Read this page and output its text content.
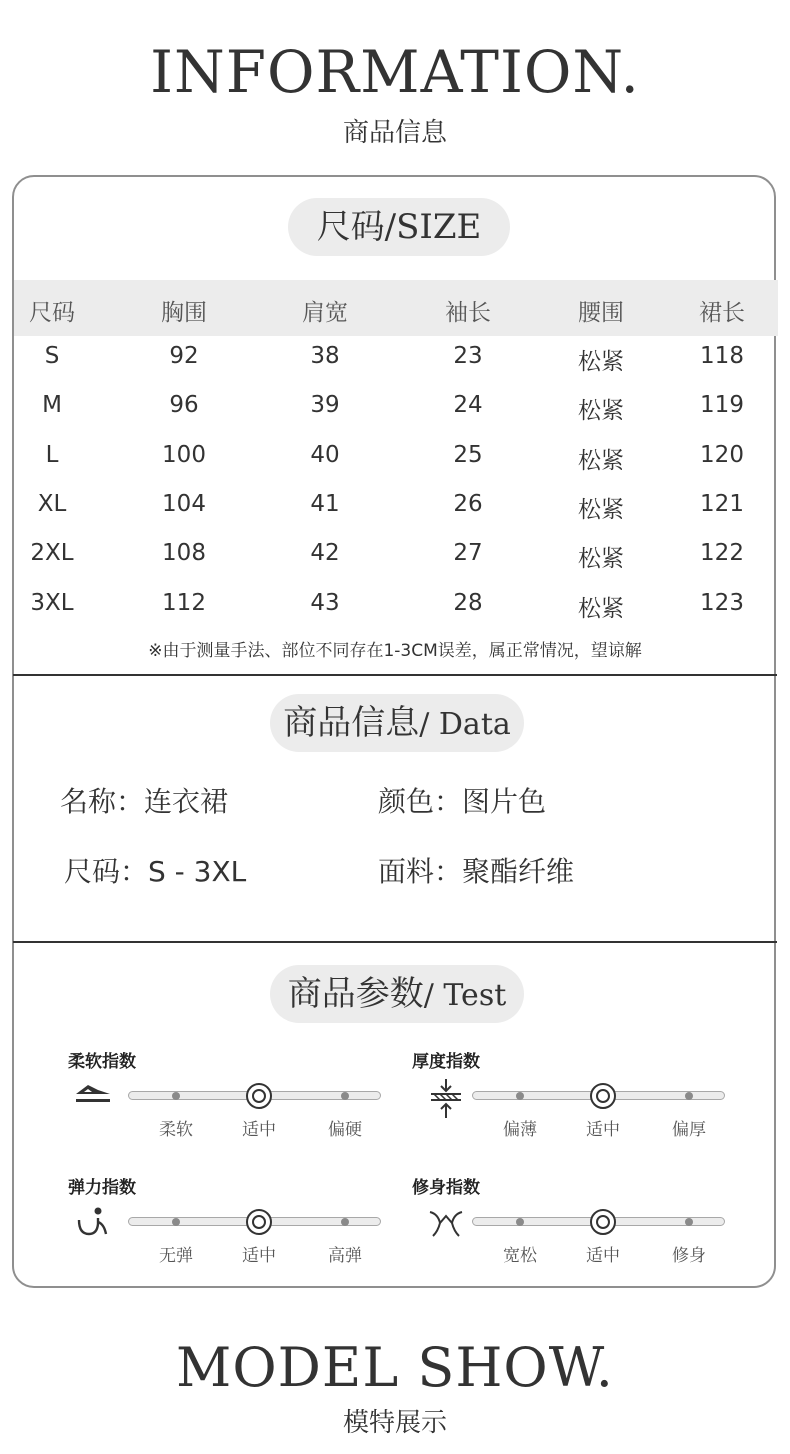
INFORMATION.
商品信息
尺码/SIZE
尺码	胸围	肩宽	袖长	腰围	裙长
S	92	38	23	松紧	118
M	96	39	24	松紧	119
L	100	40	25	松紧	120
XL	104	41	26	松紧	121
2XL	108	42	27	松紧	122
3XL	112	43	28	松紧	123
※由于测量手法、部位不同存在1-3CM误差，属正常情况，望谅解
商品信息/ Data
名称：连衣裙	颜色：图片色
尺码：S - 3XL	面料：聚酯纤维
商品参数/ Test
柔软指数	厚度指数
弹力指数	修身指数
柔软	适中	偏硬	偏薄	适中	偏厚
无弹	适中	高弹	宽松	适中	修身
MODEL SHOW.
模特展示
